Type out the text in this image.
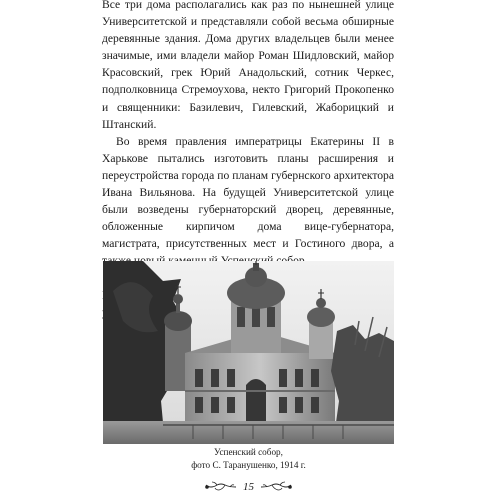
Все три дома располагались как раз по нынешней улице Университетской и представляли собой весьма обширные деревянные здания. Дома других владельцев были менее значимые, ими владели майор Роман Шидловский, майор Красовский, грек Юрий Анадольский, сотник Черкес, подполковница Стремоухова, некто Григорий Прокопенко и священники: Базилевич, Гилевский, Жаборицкий и Штанский.

Во время правления императрицы Екатерины II в Харькове пытались изготовить планы расширения и переустройства города по планам губернского архитектора Ивана Вильянова. На будущей Университетской улице были возведены губернаторский дворец, деревянные, обложенные кирпичом дома вице-губернатора, магистрата, присутственных мест и Гостиного двора, а

Успенский собор,
фото С. Таранушенко, 1914 г.
15
